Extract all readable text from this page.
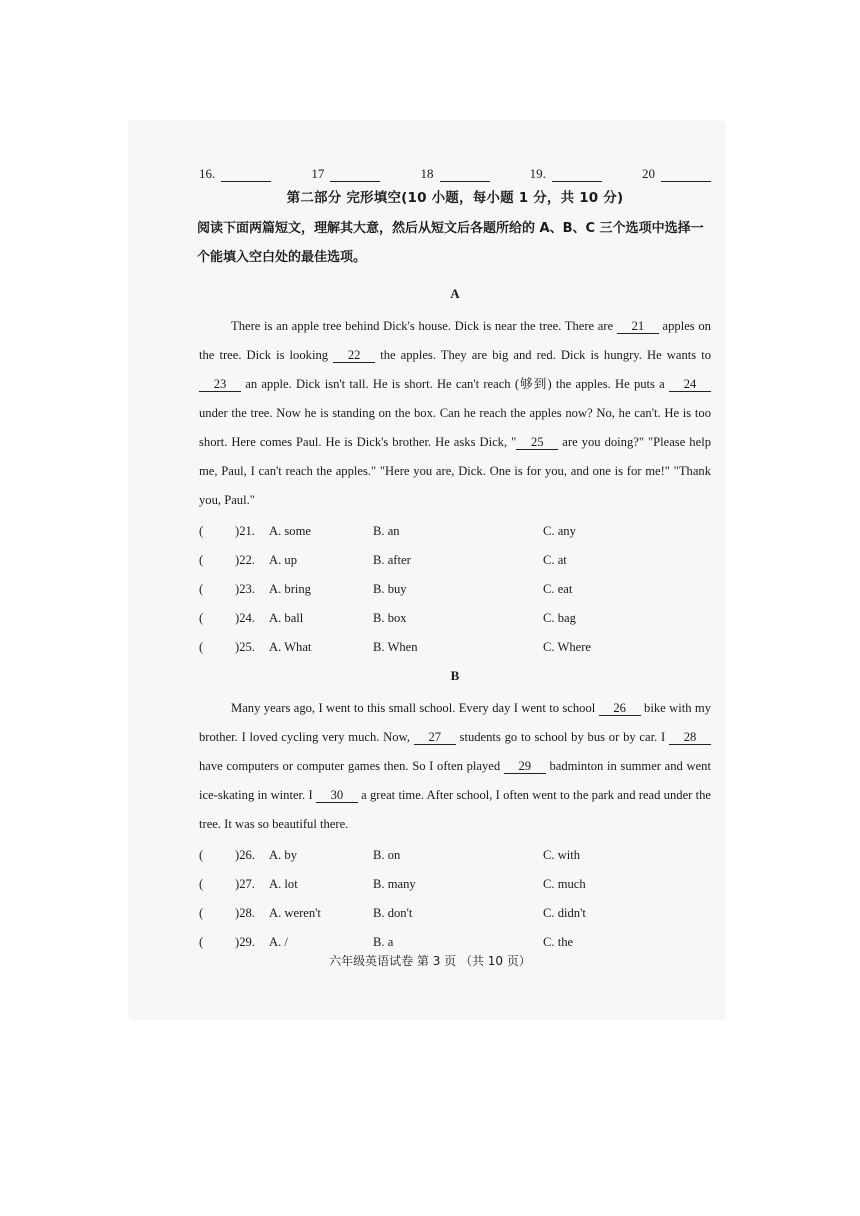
16.	17	18	19.	20
第二部分 完形填空(10 小题，每小题 1 分，共 10 分)
阅读下面两篇短文，理解其大意，然后从短文后各题所给的 A、B、C 三个选项中选择一个能填入空白处的最佳选项。
A
There is an apple tree behind Dick's house. Dick is near the tree. There are 21 apples on the tree. Dick is looking 22 the apples. They are big and red. Dick is hungry. He wants to 23 an apple. Dick isn't tall. He is short. He can't reach (够到) the apples. He puts a 24 under the tree. Now he is standing on the box. Can he reach the apples now? No, he can't. He is too short. Here comes Paul. He is Dick's brother. He asks Dick, " 25 are you doing?" "Please help me, Paul, I can't reach the apples." "Here you are, Dick. One is for you, and one is for me!" "Thank you, Paul."
(	)21.	A. some	B. an	C. any
(	)22.	A. up	B. after	C. at
(	)23.	A. bring	B. buy	C. eat
(	)24.	A. ball	B. box	C. bag
(	)25.	A. What	B. When	C. Where
B
Many years ago, I went to this small school. Every day I went to school 26 bike with my brother. I loved cycling very much. Now, 27 students go to school by bus or by car. I 28 have computers or computer games then. So I often played 29 badminton in summer and went ice-skating in winter. I 30 a great time. After school, I often went to the park and read under the tree. It was so beautiful there.
(	)26.	A. by	B. on	C. with
(	)27.	A. lot	B. many	C. much
(	)28.	A. weren't	B. don't	C. didn't
(	)29.	A. /	B. a	C. the
六年级英语试卷 第 3 页 （共 10 页）
